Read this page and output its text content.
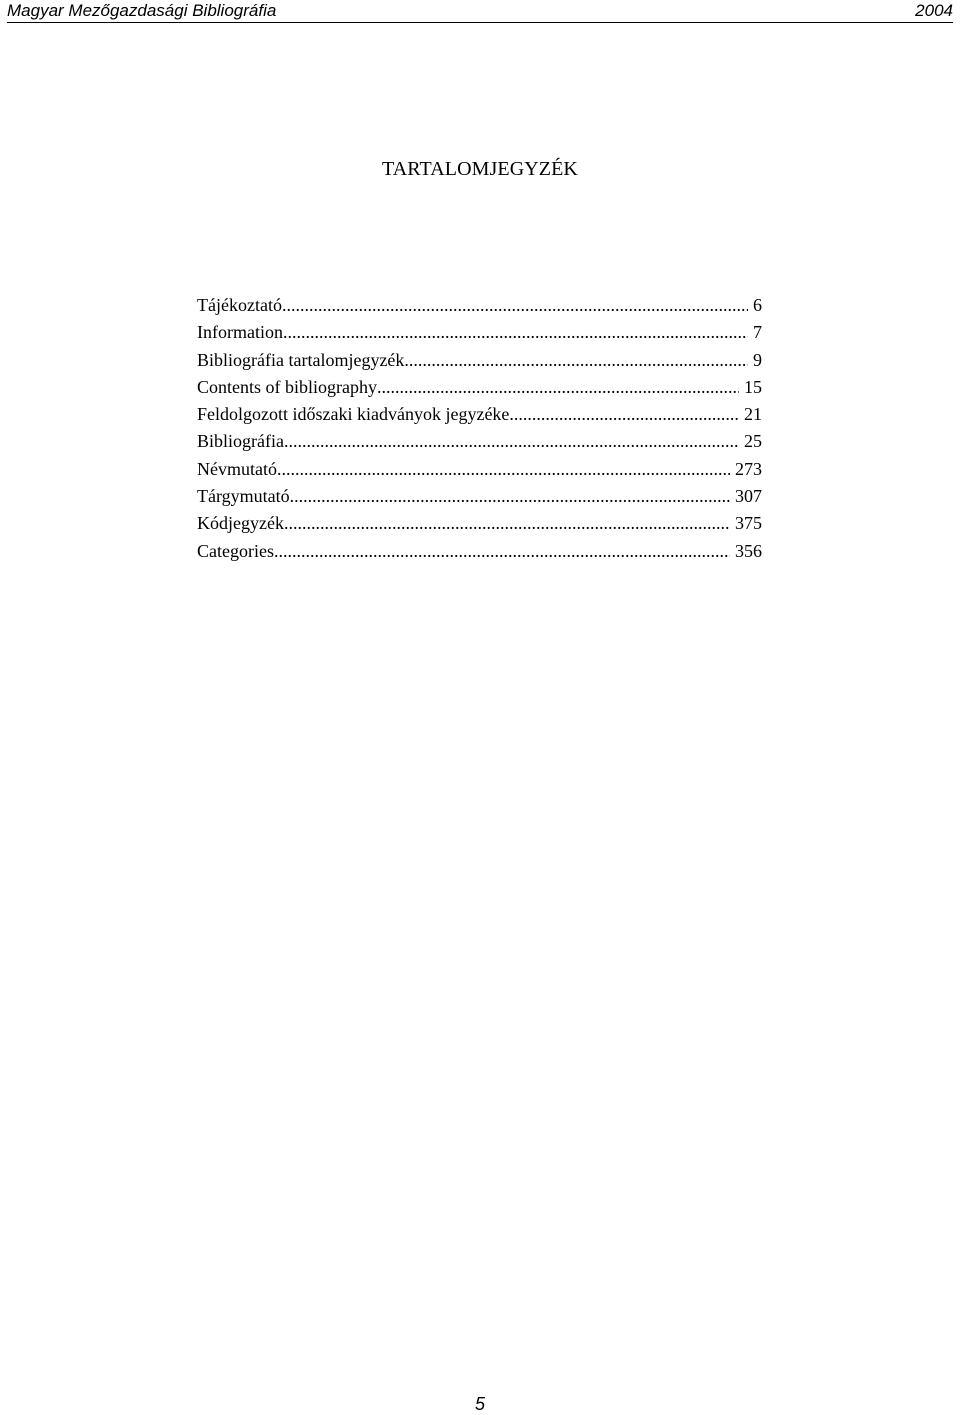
Magyar Mezőgazdasági Bibliográfia	2004
TARTALOMJEGYZÉK
Tájékoztató .....	6
Information .....	7
Bibliográfia tartalomjegyzék .....	9
Contents of bibliography .....	15
Feldolgozott időszaki kiadványok jegyzéke .....	21
Bibliográfia .....	25
Névmutató .....	273
Tárgymutató .....	307
Kódjegyzék .....	375
Categories .....	356
5
